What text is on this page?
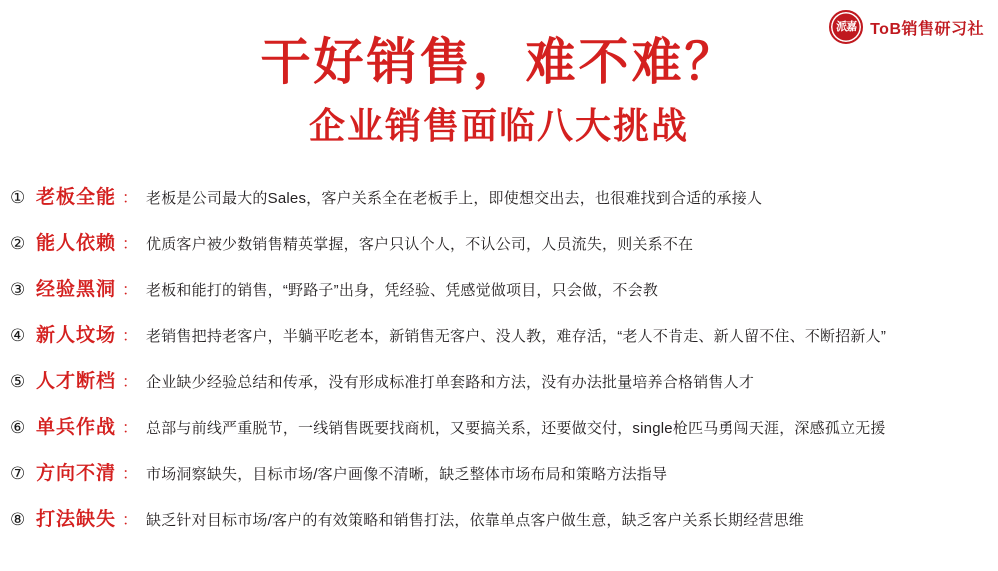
派嘉 ToB销售研习社
干好销售，难不难？
企业销售面临八大挑战
① 老板全能 ： 老板是公司最大的Sales，客户关系全在老板手上，即使想交出去，也很难找到合适的承接人
② 能人依赖 ： 优质客户被少数销售精英掌握，客户只认个人，不认公司，人员流失，则关系不在
③ 经验黑洞 ： 老板和能打的销售，“野路子”出身，凭经验、凭感觉做项目，只会做，不会教
④ 新人坟场 ： 老销售把持老客户，半躺平吃老本，新销售无客户、没人教，难存活，“老人不肯走、新人留不住、不断招新人”
⑤ 人才断档 ： 企业缺少经验总结和传承，没有形成标准打单套路和方法，没有办法批量培养合格销售人才
⑥ 单兵作战 ： 总部与前线严重脱节，一线销售既要找商机，又要搞关系，还要做交付，single枪匹马勇闯天涯，深感孤立无援
⑦ 方向不清 ： 市场洞察缺失，目标市场/客户画像不清晰，缺乏整体市场布局和策略方法指导
⑧ 打法缺失 ： 缺乏针对目标市场/客户的有效策略和销售打法，依靠单点客户做生意，缺乏客户关系长期经营思维
